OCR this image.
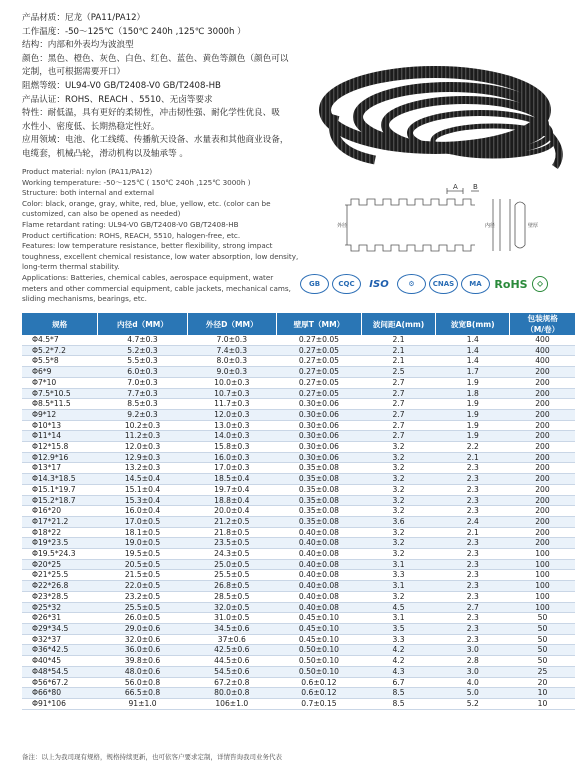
产品材质：尼龙（PA11/PA12）

工作温度：-50～125℃（150℃ 240h ,125℃ 3000h ）

结构：内部和外表均为波浪型

颜色：黑色、橙色、灰色、白色、红色、蓝色、黄色等颜色（颜色可以

定制，也可根据需要开口）

阻燃等级：UL94-V0 GB/T2408-V0 GB/T2408-HB

产品认证：ROHS、REACH 、5510、无卤等要求

特性：耐低温，具有更好的柔韧性，冲击韧性强、耐化学性优良、吸

水性小、密度低、长期热稳定性好。

应用领域：电池、化工线缆、传播航天设备、水量表和其他商业设备，

电缆套，机械凸轮，滑动机构以及轴承等 。

Product material: nylon (PA11/PA12)

Working temperature: -50～125℃ ( 150℃ 240h ,125℃ 3000h )

Structure: both internal and external

Color: black, orange, gray, white, red, blue, yellow, etc. (color can be

customized, can also be opened as needed)

Flame retardant rating: UL94-V0 GB/T2408-V0 GB/T2408-HB

Product certification: ROHS, REACH, 5510, halogen-free, etc.

Features: low temperature resistance, better flexibility, strong impact

toughness, excellent chemical resistance, low water absorption, low density,

long-term thermal stability.

Applications: Batteries, chemical cables, aerospace equipment, water

meters and other commercial equipment, cable jackets, mechanical cams,

sliding mechanisms, bearings, etc.

A B
外径	内径	壁厚
GB	CQC	ISO	⚙	CNAS	MA	RoHS	⬦
规格	内径d（MM）	外径D（MM）	壁厚T（MM）	波间距A(mm)	波宽B(mm)	包装规格
（M/卷）
Φ4.5*7	4.7±0.3	7.0±0.3	0.27±0.05	2.1	1.4	400
Φ5.2*7.2	5.2±0.3	7.4±0.3	0.27±0.05	2.1	1.4	400
Φ5.5*8	5.5±0.3	8.0±0.3	0.27±0.05	2.1	1.4	400
Φ6*9	6.0±0.3	9.0±0.3	0.27±0.05	2.5	1.7	200
Φ7*10	7.0±0.3	10.0±0.3	0.27±0.05	2.7	1.9	200
Φ7.5*10.5	7.7±0.3	10.7±0.3	0.27±0.05	2.7	1.8	200
Φ8.5*11.5	8.5±0.3	11.7±0.3	0.30±0.06	2.7	1.9	200
Φ9*12	9.2±0.3	12.0±0.3	0.30±0.06	2.7	1.9	200
Φ10*13	10.2±0.3	13.0±0.3	0.30±0.06	2.7	1.9	200
Φ11*14	11.2±0.3	14.0±0.3	0.30±0.06	2.7	1.9	200
Φ12*15.8	12.0±0.3	15.8±0.3	0.30±0.06	3.2	2.2	200
Φ12.9*16	12.9±0.3	16.0±0.3	0.30±0.06	3.2	2.1	200
Φ13*17	13.2±0.3	17.0±0.3	0.35±0.08	3.2	2.3	200
Φ14.3*18.5	14.5±0.4	18.5±0.4	0.35±0.08	3.2	2.3	200
Φ15.1*19.7	15.1±0.4	19.7±0.4	0.35±0.08	3.2	2.3	200
Φ15.2*18.7	15.3±0.4	18.8±0.4	0.35±0.08	3.2	2.3	200
Φ16*20	16.0±0.4	20.0±0.4	0.35±0.08	3.2	2.3	200
Φ17*21.2	17.0±0.5	21.2±0.5	0.35±0.08	3.6	2.4	200
Φ18*22	18.1±0.5	21.8±0.5	0.40±0.08	3.2	2.1	200
Φ19*23.5	19.0±0.5	23.5±0.5	0.40±0.08	3.2	2.3	200
Φ19.5*24.3	19.5±0.5	24.3±0.5	0.40±0.08	3.2	2.3	100
Φ20*25	20.5±0.5	25.0±0.5	0.40±0.08	3.1	2.3	100
Φ21*25.5	21.5±0.5	25.5±0.5	0.40±0.08	3.3	2.3	100
Φ22*26.8	22.0±0.5	26.8±0.5	0.40±0.08	3.1	2.3	100
Φ23*28.5	23.2±0.5	28.5±0.5	0.40±0.08	3.2	2.3	100
Φ25*32	25.5±0.5	32.0±0.5	0.40±0.08	4.5	2.7	100
Φ26*31	26.0±0.5	31.0±0.5	0.45±0.10	3.1	2.3	50
Φ29*34.5	29.0±0.6	34.5±0.6	0.45±0.10	3.5	2.3	50
Φ32*37	32.0±0.6	37±0.6	0.45±0.10	3.3	2.3	50
Φ36*42.5	36.0±0.6	42.5±0.6	0.50±0.10	4.2	3.0	50
Φ40*45	39.8±0.6	44.5±0.6	0.50±0.10	4.2	2.8	50
Φ48*54.5	48.0±0.6	54.5±0.6	0.50±0.10	4.3	3.0	25
Φ56*67.2	56.0±0.8	67.2±0.8	0.6±0.12	6.7	4.0	20
Φ66*80	66.5±0.8	80.0±0.8	0.6±0.12	8.5	5.0	10
Φ91*106	91±1.0	106±1.0	0.7±0.15	8.5	5.2	10
备注：以上为我司现有规格，规格持续更新，也可依客户要求定制，详情咨询我司业务代表
